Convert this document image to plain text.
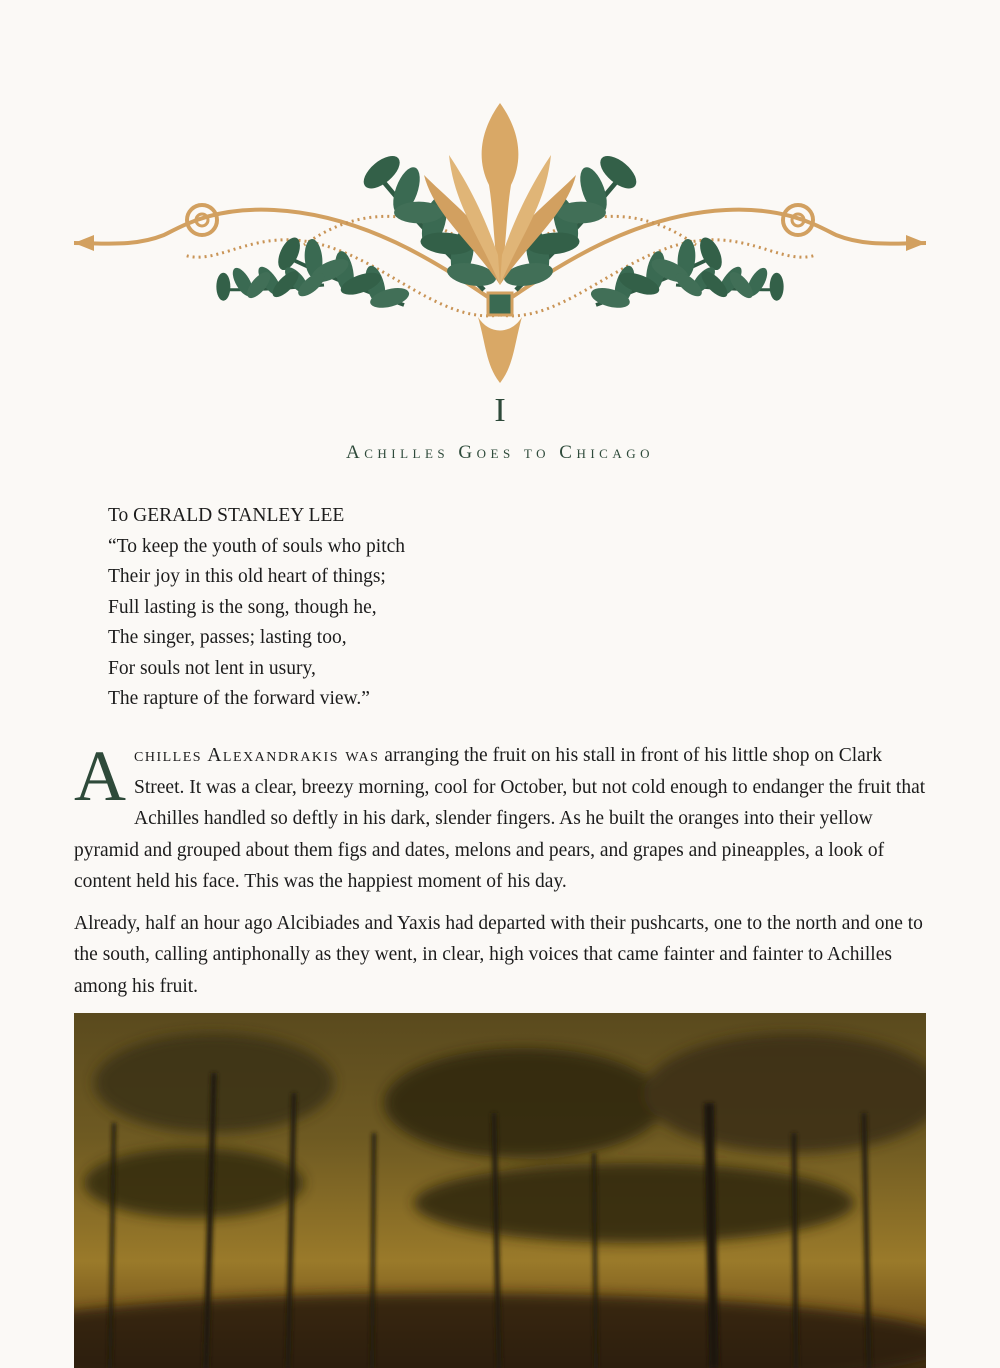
I
Achilles Goes to Chicago
To GERALD STANLEY LEE
“To keep the youth of souls who pitch
Their joy in this old heart of things;
Full lasting is the song, though he,
The singer, passes; lasting too,
For souls not lent in usury,
The rapture of the forward view.”

Achilles Alexandrakis was arranging the fruit on his stall in front of his little shop on Clark Street. It was a clear, breezy morning, cool for October, but not cold enough to endanger the fruit that Achilles handled so deftly in his dark, slender fingers. As he built the oranges into their yellow pyramid and grouped about them figs and dates, melons and pears, and grapes and pineapples, a look of content held his face. This was the happiest moment of his day.

Already, half an hour ago Alcibiades and Yaxis had departed with their pushcarts, one to the north and one to the south, calling antiphonally as they went, in clear, high voices that came fainter and fainter to Achilles among his fruit.
